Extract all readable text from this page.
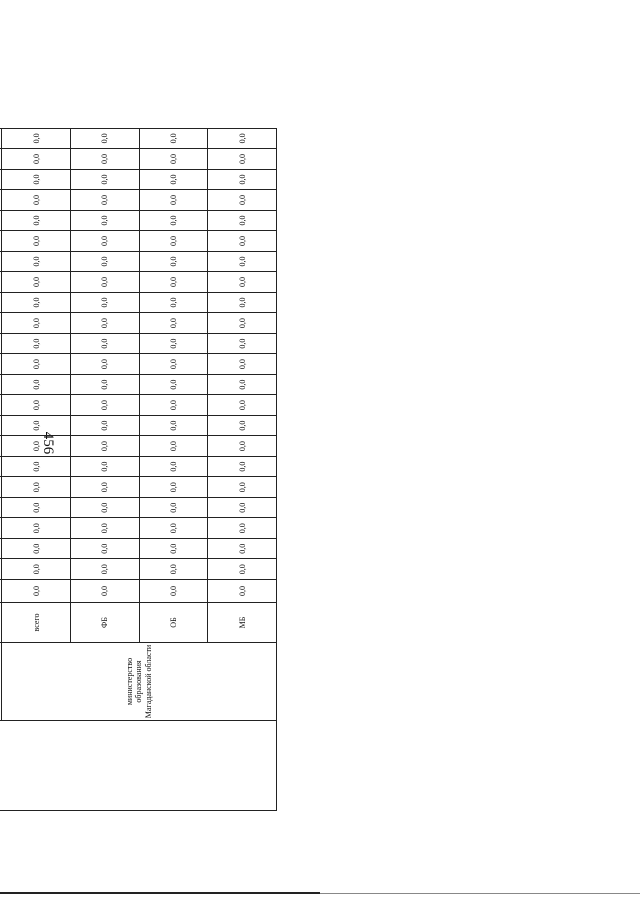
456

	министерство образования Магаданской области	всего	0,0	0,0	0,0	0,0	0,0	0,0	0,0	0,0	0,0	0,0	0,0	0,0	0,0	0,0	0,0	0,0	0,0	0,0	0,0	0,0	0,0	0,0	0,0			
		ФБ	0,0	0,0	0,0	0,0	0,0	0,0	0,0	0,0	0,0	0,0	0,0	0,0	0,0	0,0	0,0	0,0	0,0	0,0	0,0	0,0	0,0	0,0	0,0			
		ОБ	0,0	0,0	0,0	0,0	0,0	0,0	0,0	0,0	0,0	0,0	0,0	0,0	0,0	0,0	0,0	0,0	0,0	0,0	0,0	0,0	0,0	0,0	0,0			
		МБ	0,0	0,0	0,0	0,0	0,0	0,0	0,0	0,0	0,0	0,0	0,0	0,0	0,0	0,0	0,0	0,0	0,0	0,0	0,0	0,0	0,0	0,0	0,0			
